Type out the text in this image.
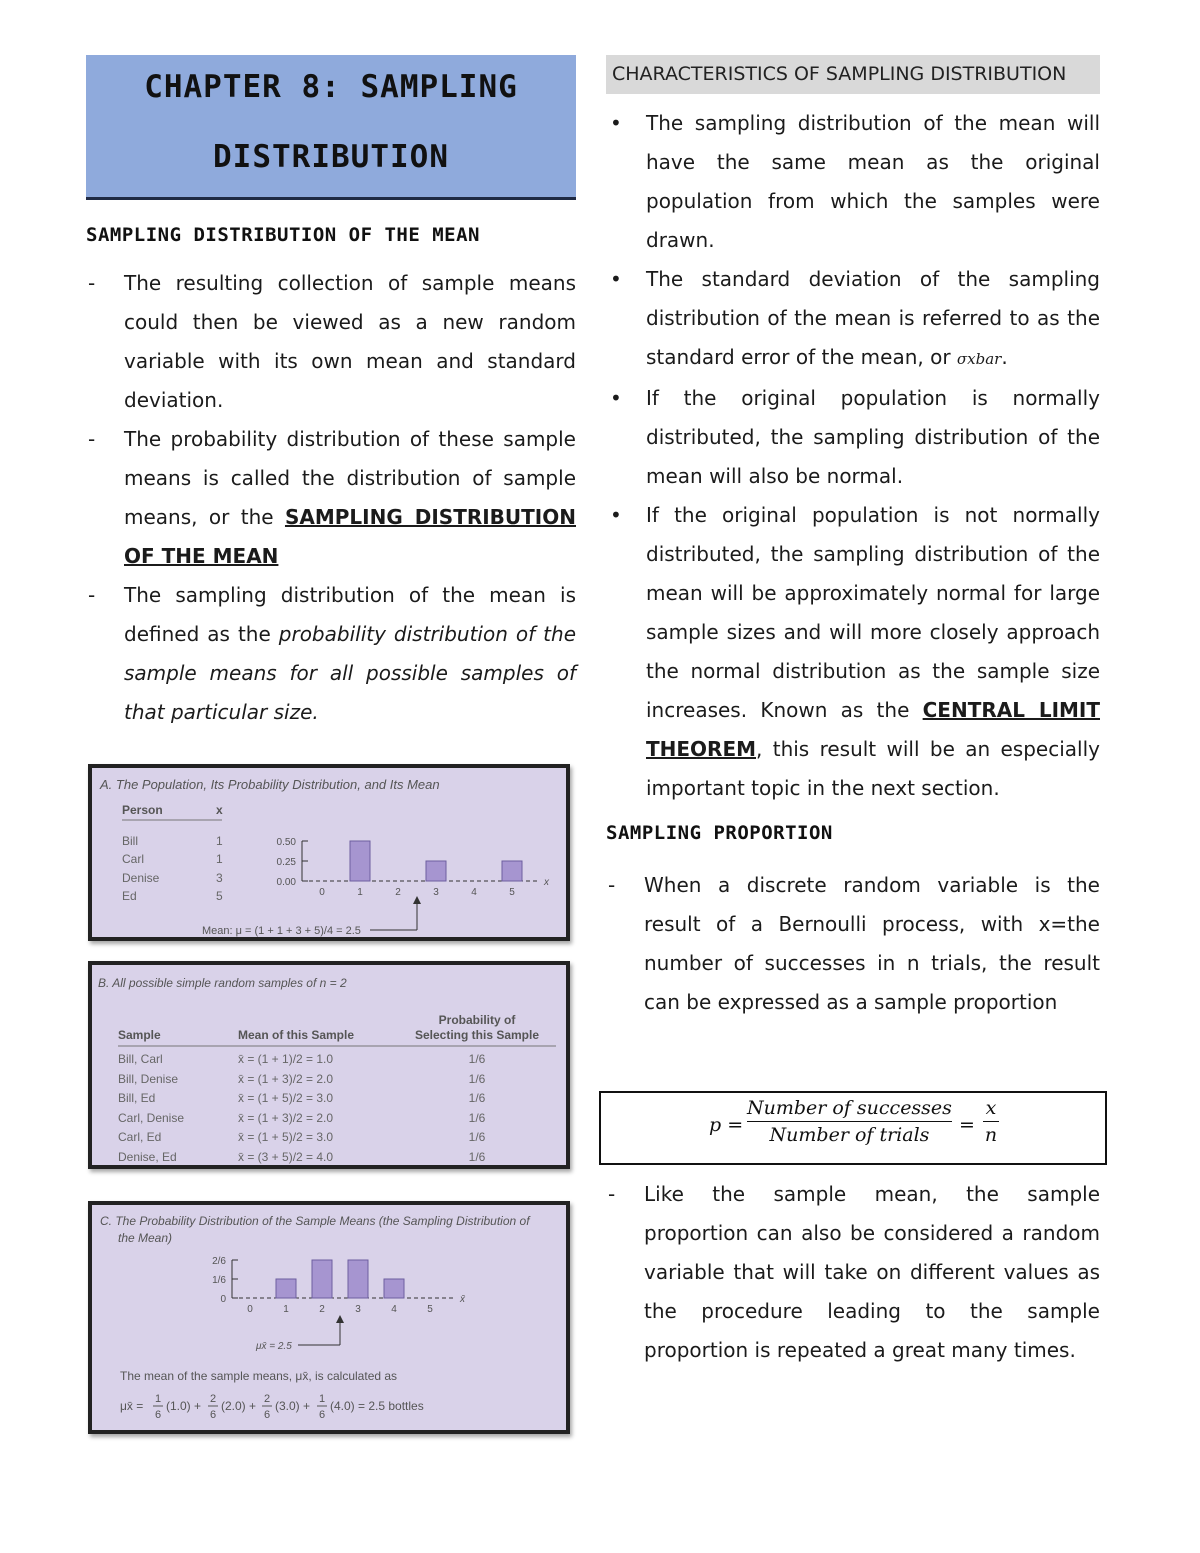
CHAPTER 8: SAMPLING
DISTRIBUTION
SAMPLING DISTRIBUTION OF THE MEAN
- The resulting collection of sample means could then be viewed as a new random variable with its own mean and standard deviation.
- The probability distribution of these sample means is called the distribution of sample means, or the SAMPLING DISTRIBUTION OF THE MEAN
- The sampling distribution of the mean is defined as the probability distribution of the sample means for all possible samples of that particular size.
A. The Population, Its Probability Distribution, and Its Mean
Person	x
Bill	1
Carl	1
Denise	3
Ed	5
0.50
0.25
0.00
0	1	2	3	4	5
x
Mean: μ = (1 + 1 + 3 + 5)/4 = 2.5
B. All possible simple random samples of n = 2
Probability of
Selecting this Sample
Sample	Mean of this Sample
Bill, Carl	x̄ = (1 + 1)/2 = 1.0	1/6
Bill, Denise	x̄ = (1 + 3)/2 = 2.0	1/6
Bill, Ed	x̄ = (1 + 5)/2 = 3.0	1/6
Carl, Denise	x̄ = (1 + 3)/2 = 2.0	1/6
Carl, Ed	x̄ = (1 + 5)/2 = 3.0	1/6
Denise, Ed	x̄ = (3 + 5)/2 = 4.0	1/6
C. The Probability Distribution of the Sample Means (the Sampling Distribution of
the Mean)
2/6
1/6
0
0	1	2	3	4	5
x̄
μx̄ = 2.5
The mean of the sample means, μx̄, is calculated as
μx̄ = 1
6
(1.0) + 2
6
(2.0) + 2
6
(3.0) + 1
6
(4.0) = 2.5 bottles
CHARACTERISTICS OF SAMPLING DISTRIBUTION
• The sampling distribution of the mean will have the same mean as the original population from which the samples were drawn.
• The standard deviation of the sampling distribution of the mean is referred to as the standard error of the mean, or σxbar.
• If the original population is normally distributed, the sampling distribution of the mean will also be normal.
• If the original population is not normally distributed, the sampling distribution of the mean will be approximately normal for large sample sizes and will more closely approach the normal distribution as the sample size increases. Known as the CENTRAL LIMIT THEOREM, this result will be an especially important topic in the next section.
SAMPLING PROPORTION
- When a discrete random variable is the result of a Bernoulli process, with x=the number of successes in n trials, the result can be expressed as a sample proportion
p =
Number of successes
Number of trials	=
x
n
- Like the sample mean, the sample proportion can also be considered a random variable that will take on different values as the procedure leading to the sample proportion is repeated a great many times.
